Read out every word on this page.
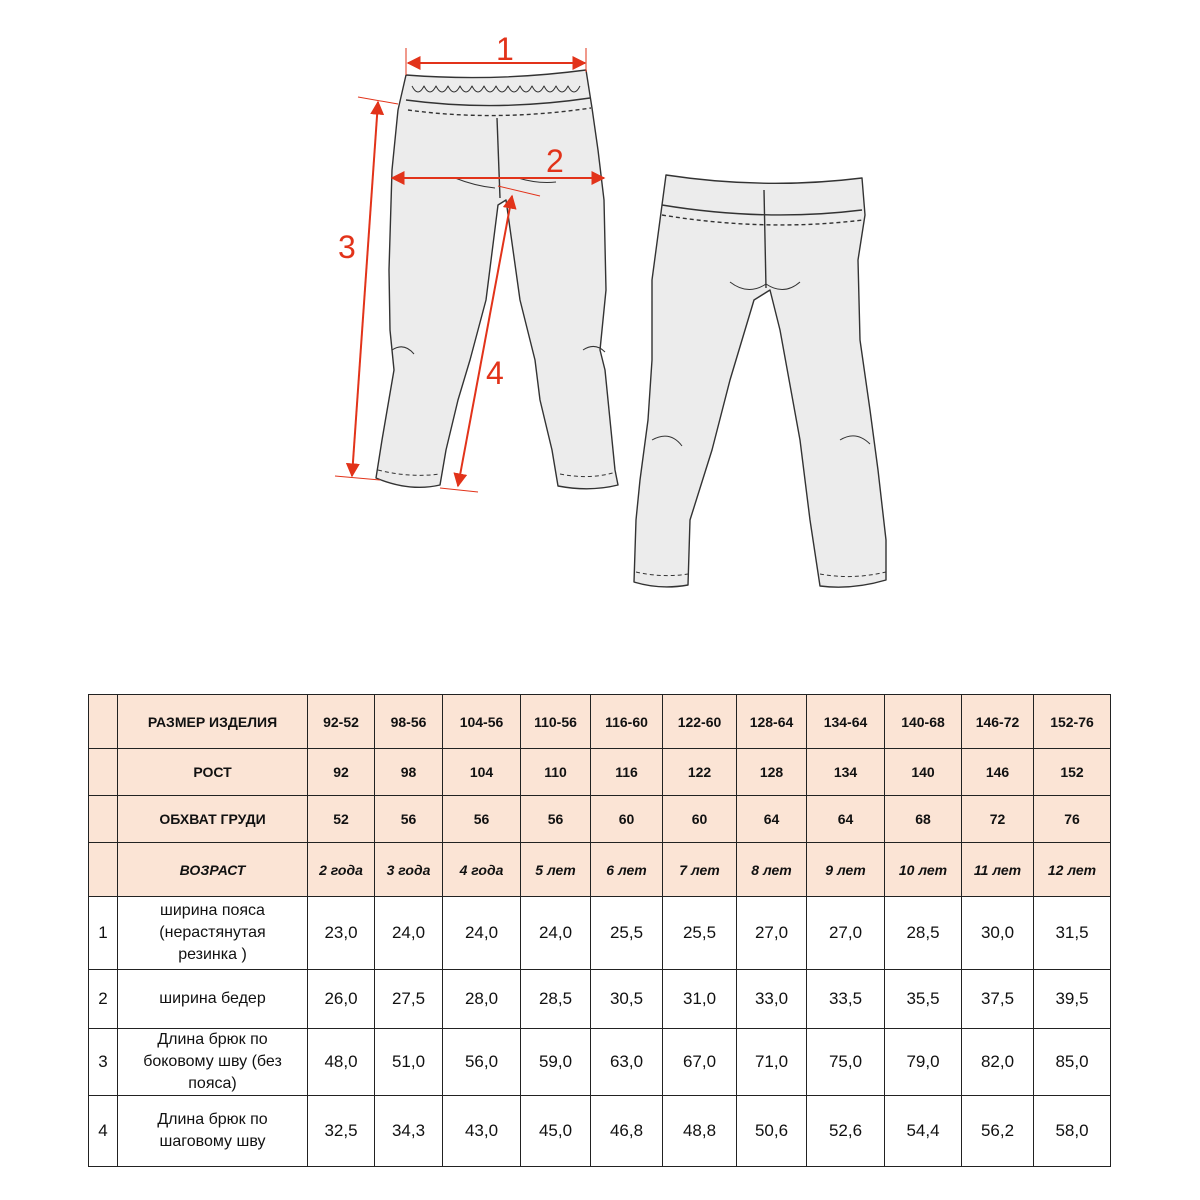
1
2
3
4
	РАЗМЕР ИЗДЕЛИЯ	92-52	98-56	104-56	110-56	116-60	122-60	128-64	134-64	140-68	146-72	152-76
	РОСТ	92	98	104	110	116	122	128	134	140	146	152
	ОБХВАТ ГРУДИ	52	56	56	56	60	60	64	64	68	72	76
	ВОЗРАСТ	2 года	3 года	4 года	5 лет	6 лет	7 лет	8 лет	9 лет	10 лет	11 лет	12 лет
1	ширина пояса
(нерастянутая
резинка )	23,0	24,0	24,0	24,0	25,5	25,5	27,0	27,0	28,5	30,0	31,5
2	ширина бедер	26,0	27,5	28,0	28,5	30,5	31,0	33,0	33,5	35,5	37,5	39,5
3	Длина брюк по
боковому шву (без
пояса)	48,0	51,0	56,0	59,0	63,0	67,0	71,0	75,0	79,0	82,0	85,0
4	Длина брюк по
шаговому шву	32,5	34,3	43,0	45,0	46,8	48,8	50,6	52,6	54,4	56,2	58,0
